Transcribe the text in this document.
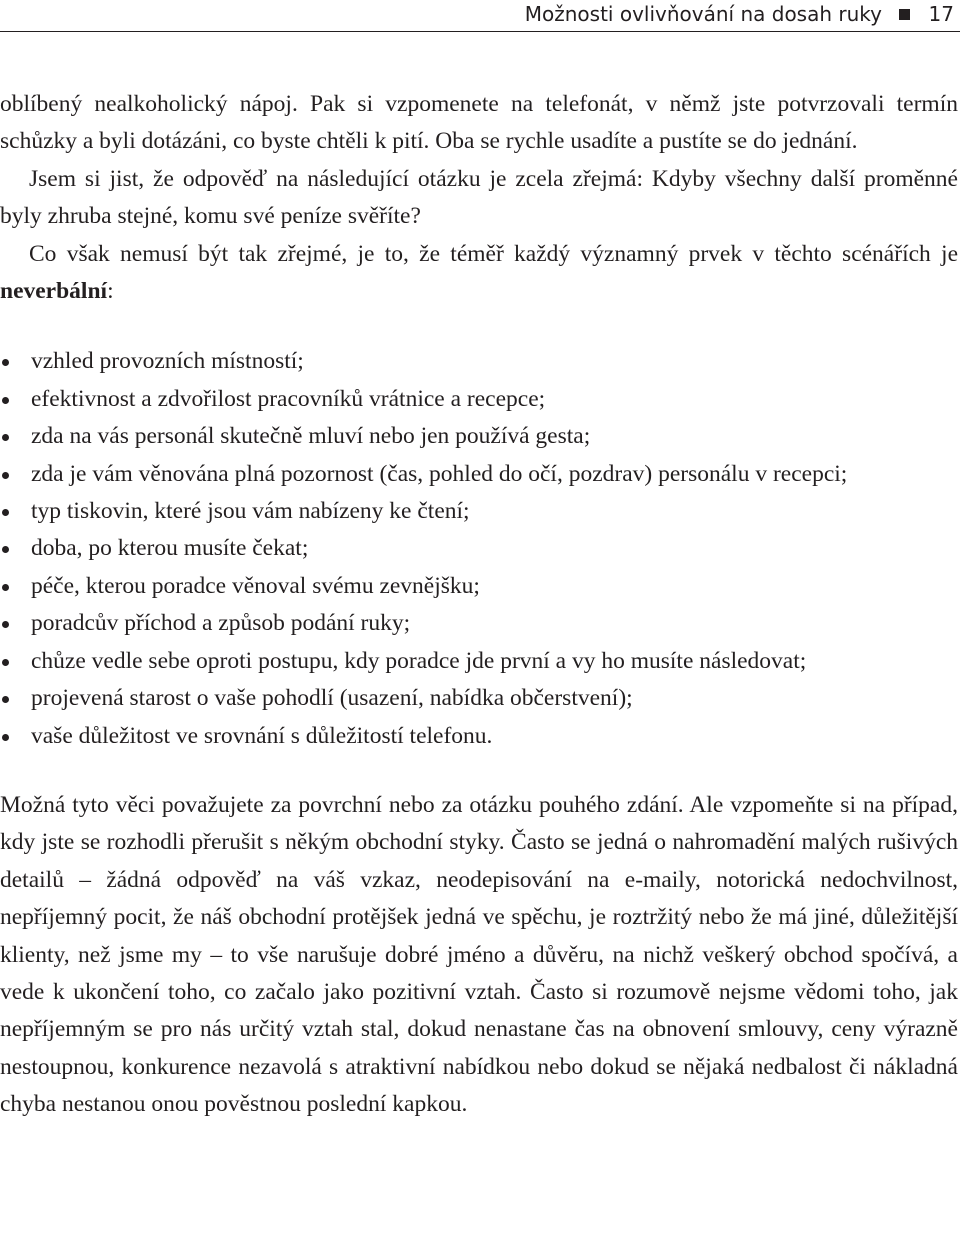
Možnosti ovlivňování na dosah ruky 17

oblíbený nealkoholický nápoj. Pak si vzpomenete na telefonát, v němž jste potvrzovali termín schůzky a byli dotázáni, co byste chtěli k pití. Oba se rychle usadíte a pustíte se do jednání.

Jsem si jist, že odpověď na následující otázku je zcela zřejmá: Kdyby všechny další proměnné byly zhruba stejné, komu své peníze svěříte?

Co však nemusí být tak zřejmé, je to, že téměř každý významný prvek v těchto scénářích je neverbální:

vzhled provozních místností;
efektivnost a zdvořilost pracovníků vrátnice a recepce;
zda na vás personál skutečně mluví nebo jen používá gesta;
zda je vám věnována plná pozornost (čas, pohled do očí, pozdrav) personálu v recepci;
typ tiskovin, které jsou vám nabízeny ke čtení;
doba, po kterou musíte čekat;
péče, kterou poradce věnoval svému zevnějšku;
poradcův příchod a způsob podání ruky;
chůze vedle sebe oproti postupu, kdy poradce jde první a vy ho musíte následovat;
projevená starost o vaše pohodlí (usazení, nabídka občerstvení);
vaše důležitost ve srovnání s důležitostí telefonu.

Možná tyto věci považujete za povrchní nebo za otázku pouhého zdání. Ale vzpomeňte si na případ, kdy jste se rozhodli přerušit s někým obchodní styky. Často se jedná o nahromadění malých rušivých detailů – žádná odpověď na váš vzkaz, neodepisování na e-maily, notorická nedochvilnost, nepříjemný pocit, že náš obchodní protějšek jedná ve spěchu, je roztržitý nebo že má jiné, důležitější klienty, než jsme my – to vše narušuje dobré jméno a důvěru, na nichž veškerý obchod spočívá, a vede k ukončení toho, co začalo jako pozitivní vztah. Často si rozumově nejsme vědomi toho, jak nepříjemným se pro nás určitý vztah stal, dokud nenastane čas na obnovení smlouvy, ceny výrazně nestoupnou, konkurence nezavolá s atraktivní nabídkou nebo dokud se nějaká nedbalost či nákladná chyba nestanou onou pověstnou poslední kapkou.
